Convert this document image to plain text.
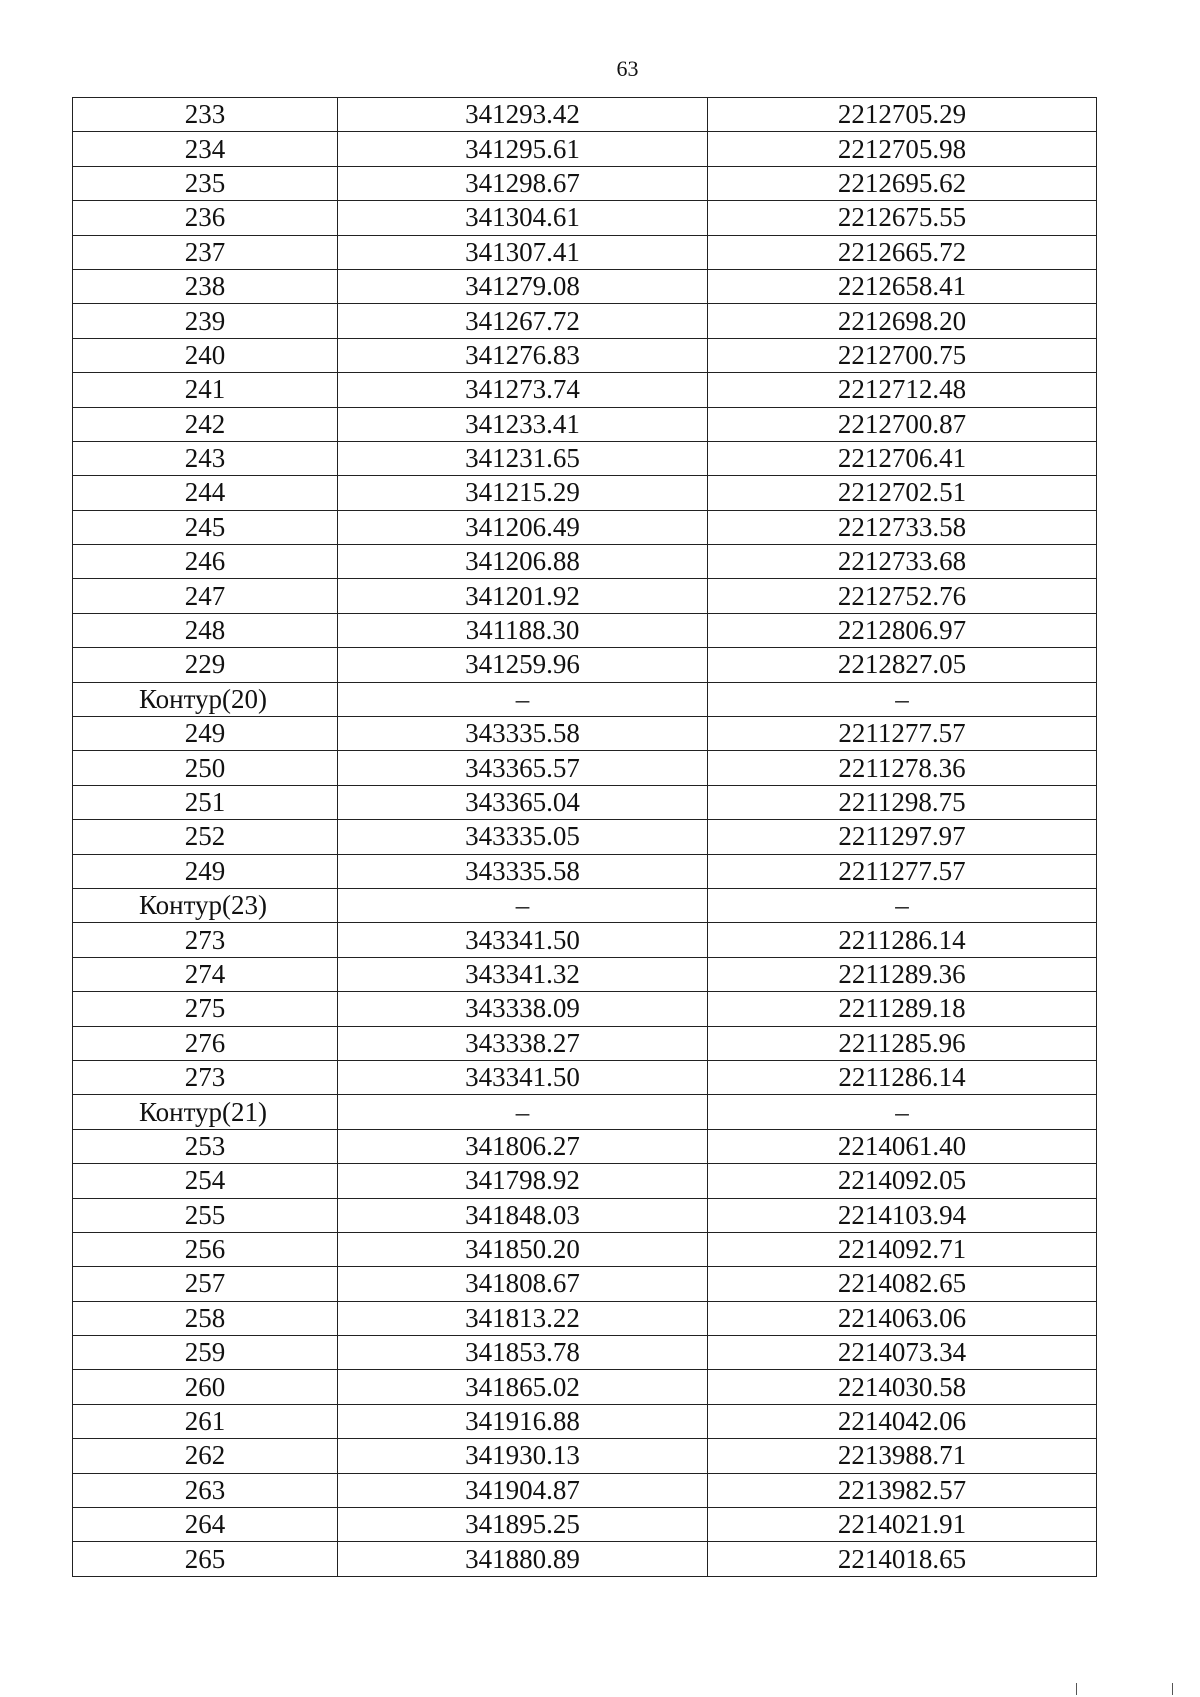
63
233	341293.42	2212705.29
234	341295.61	2212705.98
235	341298.67	2212695.62
236	341304.61	2212675.55
237	341307.41	2212665.72
238	341279.08	2212658.41
239	341267.72	2212698.20
240	341276.83	2212700.75
241	341273.74	2212712.48
242	341233.41	2212700.87
243	341231.65	2212706.41
244	341215.29	2212702.51
245	341206.49	2212733.58
246	341206.88	2212733.68
247	341201.92	2212752.76
248	341188.30	2212806.97
229	341259.96	2212827.05
Контур(20)	–	–
249	343335.58	2211277.57
250	343365.57	2211278.36
251	343365.04	2211298.75
252	343335.05	2211297.97
249	343335.58	2211277.57
Контур(23)	–	–
273	343341.50	2211286.14
274	343341.32	2211289.36
275	343338.09	2211289.18
276	343338.27	2211285.96
273	343341.50	2211286.14
Контур(21)	–	–
253	341806.27	2214061.40
254	341798.92	2214092.05
255	341848.03	2214103.94
256	341850.20	2214092.71
257	341808.67	2214082.65
258	341813.22	2214063.06
259	341853.78	2214073.34
260	341865.02	2214030.58
261	341916.88	2214042.06
262	341930.13	2213988.71
263	341904.87	2213982.57
264	341895.25	2214021.91
265	341880.89	2214018.65
